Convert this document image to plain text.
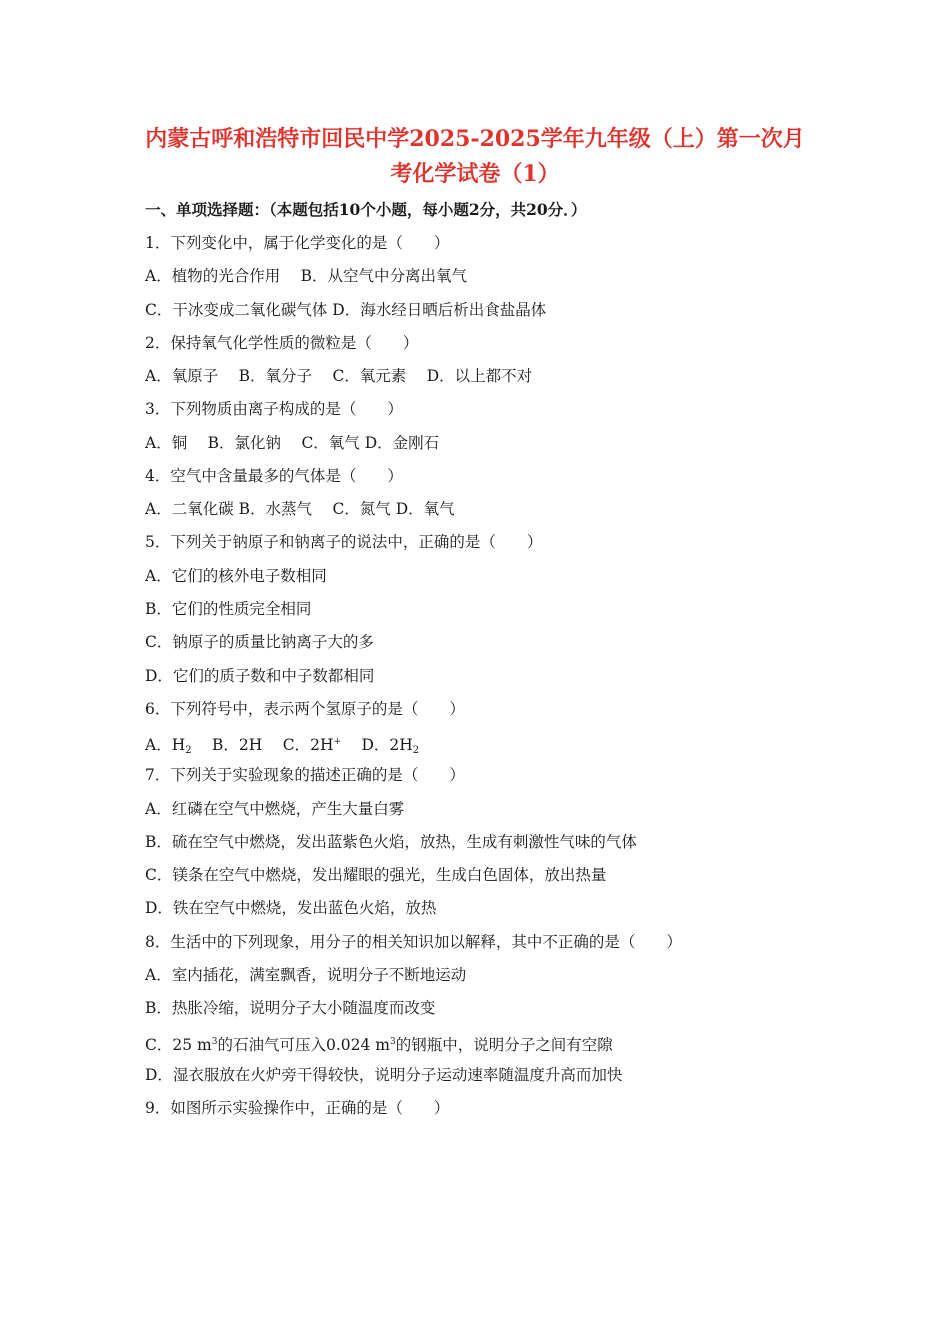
内蒙古呼和浩特市回民中学2025-2025学年九年级（上）第一次月
考化学试卷（1）
一、单项选择题：（本题包括10个小题，每小题2分，共20分．）
1．下列变化中，属于化学变化的是（　　）
A．植物的光合作用　 B．从空气中分离出氧气
C．干冰变成二氧化碳气体 D．海水经日晒后析出食盐晶体
2．保持氧气化学性质的微粒是（　　）
A．氧原子　 B．氧分子　 C．氧元素　 D．以上都不对
3．下列物质由离子构成的是（　　）
A．铜　 B．氯化钠　 C．氧气 D．金刚石
4．空气中含量最多的气体是（　　）
A．二氧化碳 B．水蒸气　 C．氮气 D．氧气
5．下列关于钠原子和钠离子的说法中，正确的是（　　）
A．它们的核外电子数相同
B．它们的性质完全相同
C．钠原子的质量比钠离子大的多
D．它们的质子数和中子数都相同
6．下列符号中，表示两个氢原子的是（　　）
A．$H_2$　 B．2H　 C．2H+　 D．$2H_2$
7．下列关于实验现象的描述正确的是（　　）
A．红磷在空气中燃烧，产生大量白雾
B．硫在空气中燃烧，发出蓝紫色火焰，放热，生成有刺激性气味的气体
C．镁条在空气中燃烧，发出耀眼的强光，生成白色固体，放出热量
D．铁在空气中燃烧，发出蓝色火焰，放热
8．生活中的下列现象，用分子的相关知识加以解释，其中不正确的是（　　）
A．室内插花，满室飘香，说明分子不断地运动
B．热胀冷缩，说明分子大小随温度而改变
C．25 $m^3$的石油气可压入0.024 $m^3$的钢瓶中，说明分子之间有空隙
D．湿衣服放在火炉旁干得较快，说明分子运动速率随温度升高而加快
9．如图所示实验操作中，正确的是（　　）
